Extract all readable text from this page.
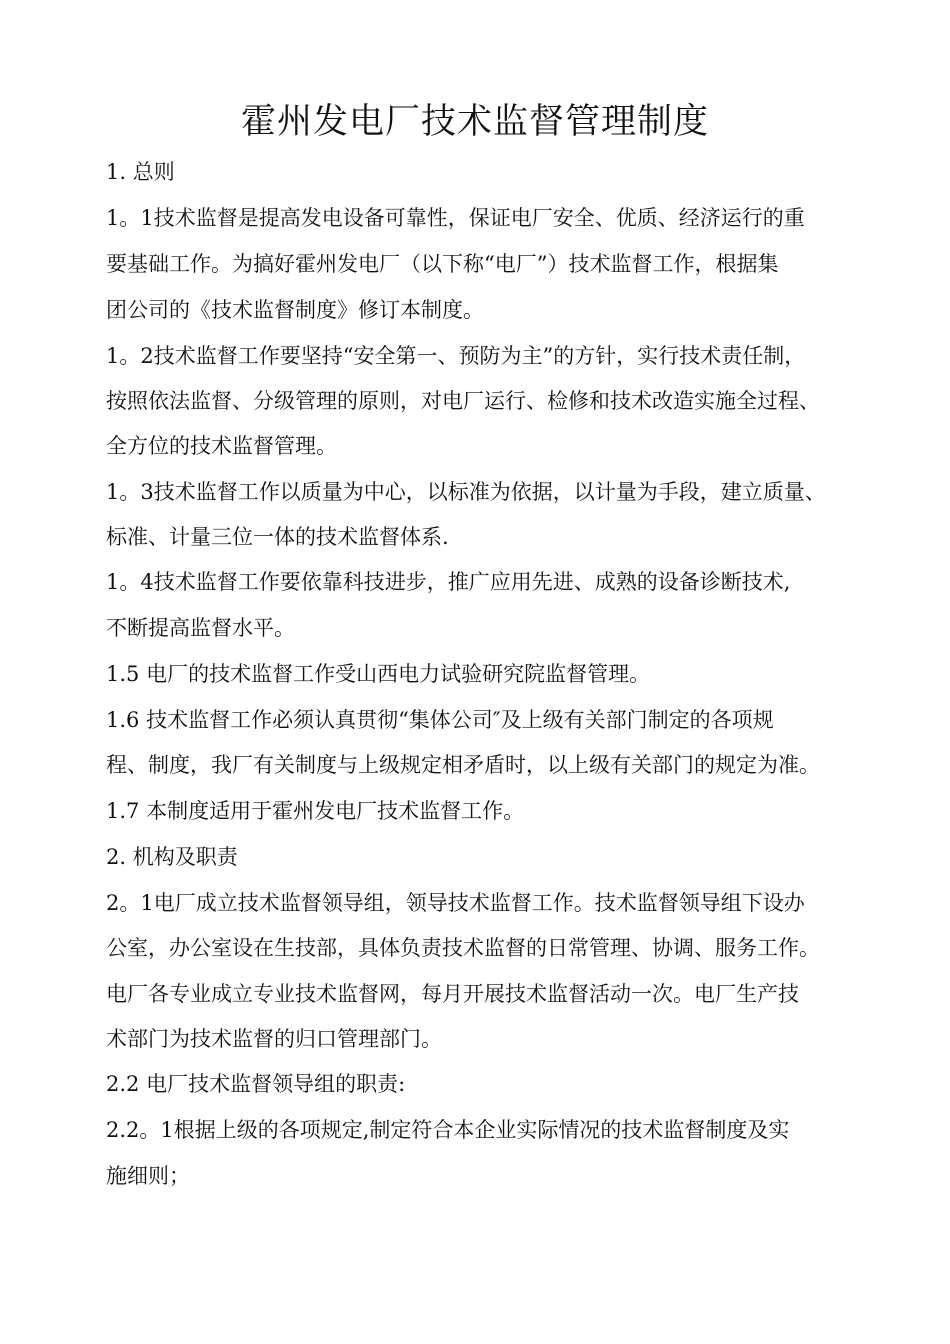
霍州发电厂技术监督管理制度

1. 总则

1。1技术监督是提高发电设备可靠性，保证电厂安全、优质、经济运行的重

要基础工作。为搞好霍州发电厂（以下称“电厂”）技术监督工作，根据集

团公司的《技术监督制度》修订本制度。

1。2技术监督工作要坚持“安全第一、预防为主”的方针，实行技术责任制，

按照依法监督、分级管理的原则，对电厂运行、检修和技术改造实施全过程、

全方位的技术监督管理。

1。3技术监督工作以质量为中心，以标准为依据，以计量为手段，建立质量、

标准、计量三位一体的技术监督体系.

1。4技术监督工作要依靠科技进步，推广应用先进、成熟的设备诊断技术,

不断提高监督水平。

1.5 电厂的技术监督工作受山西电力试验研究院监督管理。

1.6 技术监督工作必须认真贯彻“集体公司″及上级有关部门制定的各项规

程、制度，我厂有关制度与上级规定相矛盾时，以上级有关部门的规定为准。

1.7 本制度适用于霍州发电厂技术监督工作。

2. 机构及职责

2。1电厂成立技术监督领导组，领导技术监督工作。技术监督领导组下设办

公室，办公室设在生技部，具体负责技术监督的日常管理、协调、服务工作。

电厂各专业成立专业技术监督网，每月开展技术监督活动一次。电厂生产技

术部门为技术监督的归口管理部门。

2.2 电厂技术监督领导组的职责:

2.2。1根据上级的各项规定,制定符合本企业实际情况的技术监督制度及实

施细则；
